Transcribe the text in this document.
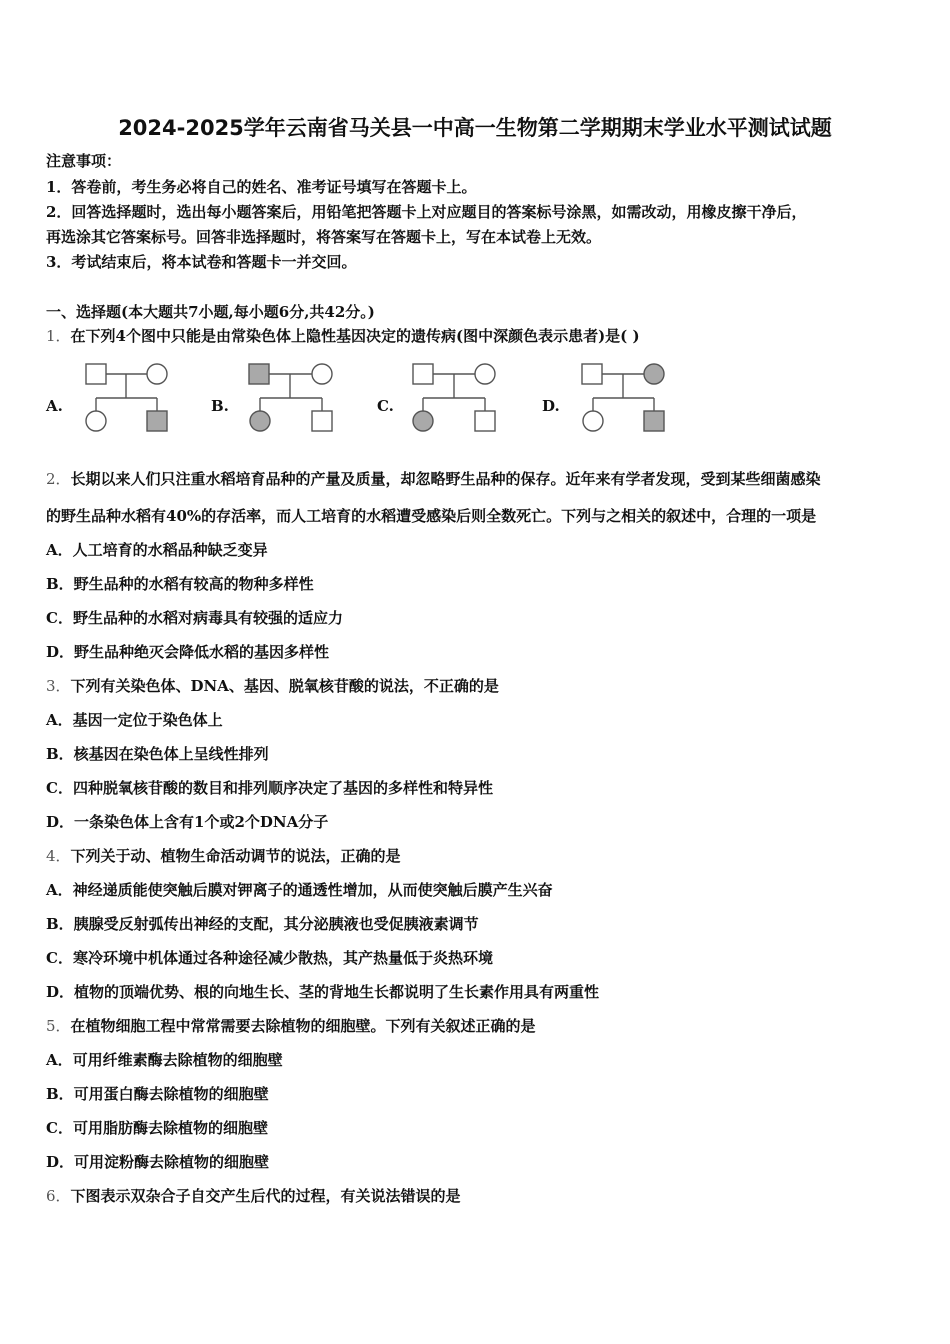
2024-2025学年云南省马关县一中高一生物第二学期期末学业水平测试试题
注意事项：
1．答卷前，考生务必将自己的姓名、准考证号填写在答题卡上。
2．回答选择题时，选出每小题答案后，用铅笔把答题卡上对应题目的答案标号涂黑，如需改动，用橡皮擦干净后，
再选涂其它答案标号。回答非选择题时，将答案写在答题卡上，写在本试卷上无效。
3．考试结束后，将本试卷和答题卡一并交回。
一、选择题(本大题共7小题,每小题6分,共42分。)
1．在下列4个图中只能是由常染色体上隐性基因决定的遗传病(图中深颜色表示患者)是( )
A.	B.	C.	D.
2．长期以来人们只注重水稻培育品种的产量及质量，却忽略野生品种的保存。近年来有学者发现，受到某些细菌感染
的野生品种水稻有40%的存活率，而人工培育的水稻遭受感染后则全数死亡。下列与之相关的叙述中，合理的一项是
A．人工培育的水稻品种缺乏变异
B．野生品种的水稻有较高的物种多样性
C．野生品种的水稻对病毒具有较强的适应力
D．野生品种绝灭会降低水稻的基因多样性
3．下列有关染色体、DNA、基因、脱氧核苷酸的说法，不正确的是
A．基因一定位于染色体上
B．核基因在染色体上呈线性排列
C．四种脱氧核苷酸的数目和排列顺序决定了基因的多样性和特异性
D．一条染色体上含有1个或2个DNA分子
4．下列关于动、植物生命活动调节的说法，正确的是
A．神经递质能使突触后膜对钾离子的通透性增加，从而使突触后膜产生兴奋
B．胰腺受反射弧传出神经的支配，其分泌胰液也受促胰液素调节
C．寒冷环境中机体通过各种途径减少散热，其产热量低于炎热环境
D．植物的顶端优势、根的向地生长、茎的背地生长都说明了生长素作用具有两重性
5．在植物细胞工程中常常需要去除植物的细胞壁。下列有关叙述正确的是
A．可用纤维素酶去除植物的细胞壁
B．可用蛋白酶去除植物的细胞壁
C．可用脂肪酶去除植物的细胞壁
D．可用淀粉酶去除植物的细胞壁
6．下图表示双杂合子自交产生后代的过程，有关说法错误的是
